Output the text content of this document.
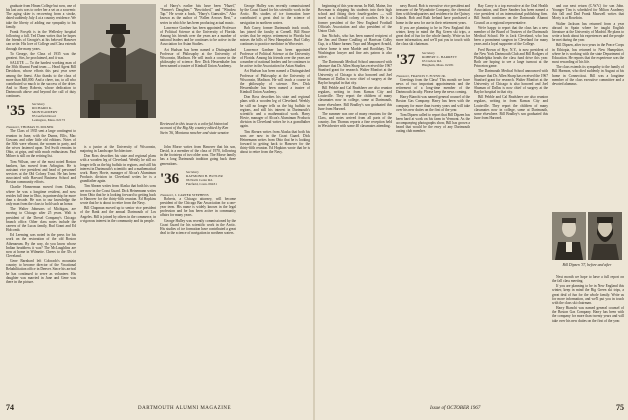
graduate from Hiram College but now, one of his last acts was to order her a set as a souvenir. The aging skier is recovering from a stroke, dated suddenly July 4 at a country residence. We take the liberty of adding our sympathy to his family.

Frank Forsyth is in the Wellesley hospital following a fall. Ted Dunn writes that he hopes the friends of Georgie's at his beloved Hanover can write. His love of College and Class extends through the many years.

To George, the Class of 1935 was the greatest. Sirs, he proclaimed, and it was.

SALUTE — To the hardest working man of the 30th Alumni Fund team — Head Agent Bill Davidson, whose efforts this past year were among the finest. Also thanks to the class of more than $40,000. And a cheer, too, to all who contributed so much to the success of the drive. And to Harry Roberts, whose dedication to Dartmouth above and beyond the call of duty continues.

'35 Secretary
RICHARD K. MONTGOMERY
85 Garfield Road
Lexington, Mass. 02173
Treasurer, THOMAS W. MILNER

The Class of 1935 sent a large contingent to reunion in June, with the Dunns, Ellis, Mac Gowans and other little old editions. Notes of the 30th were vibrant, the women in party, and the wives fastened upon. Ted Swift remains in Ohio, at grips, and with much enthusiasm. Paul Milner is still on the retiring list.

Tom Wilson, one of the most noted Boston bankers, has moved from Arlington. He is assistant vice president and head of personnel services at the Old Colony Trust. He has been associated with Harvard Business School and Boston community efforts.

Charlie Honnerman moved from Dublin, where he was a longtime resident, and now resides full time in Ohio, in partnership for more than a decade. He was to our knowledge the only man from the class to hold such an honor.

The Walter Johnsons of Michigan, are moving to Chicago after 25 years. Walt is president of the Drexel Company's Chicago branch office. Other class notes include the careers of the Lucas family, Bud Grant and Ed Holcomb.

Ed Leeming was noted in the press for his work on the restoration of the old Boston Athenaeum. By the way, do you know whose Indian headdress it was? The McLaughlins are now at home in Wilmette. Cheers to the 35s of Cleveland.

Gene Barnhard left Colorado's mountain country to become director of the Vocational Rehabilitation office in Denver. Since his arrival he has continued to serve as volunteer. His daughter was married in June and Gene was there in the picture.

Reviewed in this issue is a colorful historical account of the Big Sky country edited by Ken Stein '36, Montana rancher and state senator.

is a junior at the University of Wisconsin, majoring in Landscape Architecture.

Don Ross describes his state and regional plans with a wooden leg of Cleveland. Weekly he still no longer tells us the big buffalo in regions, and still his interest in Dartmouth's scientific and a mathematical work. Harry Hovie, manager of Alcoa's Aluminum Products division in Cleveland writes he is a grandfather again.

Tim Ahearn writes from Alaska that both his sons are now in the Coast Guard. Dick Heinemann writes from Ohio that he is looking forward to getting back to Hanover for the thirty-fifth reunion. Ed Hopkins wrote that he is about to retire from the Navy.

Bill Chapman moved up to senior vice president of the Bank and the annual Dartmouth of Los Angeles. Bill is joined by others in the commerce, in a vigorous interest in the community and its people.

of Harry's earlier hits have been "Hazel," "Farmer's Daughter," "Bewitched," and "Window Tap." He wrote a book, "Harry's Gunwales." Also known as the author of "Fallen Arrows Rest," a series in which he has been producing actual music.

Lawrence Gardner has been appointed Professor of Political Science at the University of Florida. Among his friends over the years are a number of national leaders and he continues to be active in the Association for Asian Studies.

Art Hudson has been named a Distinguished Professor of Philosophy at the University of Wisconsin, Madison. He will teach a course in the philosophy of science. Rev. Dick Hessenthaler has been named a trustee of Kimball Union Academy.

John Morse writes from Hanover that his son, David, is a member of the class of 1970, following in the footsteps of two older sons. The Morse family has a long Dartmouth tradition going back three generations.

'36 Secretary
RAYMOND B. BUTLER
96 North Cedar Rd.
Fairfield, Conn. 06431
Treasurer, J. CARTER STEPHENS

Roberts, a Chicago attorney, will become president of the Chicago Bar Association for a one-year term. His name is widely known in the legal profession and he has been active in community affairs for many years.

George Hulley was recently commissioned by the Coast Guard for his scientific work in the Arctic. His studies of ice formation have contributed a great deal to the science of navigation in northern waters.

George Hulley was recently commissioned by the Coast Guard for his scientific work in the Arctic. His studies of ice formation have contributed a great deal to the science of navigation in northern waters.

Bob Casey, former Dartmouth track coach, has joined the faculty at Cornell. Bill Bruce writes that he enjoys retirement in Florida but misses the hills of New Hampshire. Bud Colby continues to practice medicine in Worcester.

Lawrence Gardner has been appointed Professor of Political Science at the University of Florida. Among his friends over the years are a number of national leaders and he continues to be active in the Association for Asian Studies.

Art Hudson has been named a Distinguished Professor of Philosophy at the University of Wisconsin, Madison. He will teach a course in the philosophy of science. Rev. Dick Hessenthaler has been named a trustee of Kimball Union Academy.

Don Ross describes his state and regional plans with a wooden leg of Cleveland. Weekly he still no longer tells us the big buffalo in regions, and still his interest in Dartmouth's scientific and a mathematical work. Harry Hovie, manager of Alcoa's Aluminum Products division in Cleveland writes he is a grandfather again.

Tim Ahearn writes from Alaska that both his sons are now in the Coast Guard. Dick Heinemann writes from Ohio that he is looking forward to getting back to Hanover for the thirty-fifth reunion. Ed Hopkins wrote that he is about to retire from the Navy.

beginning of this year mean. In Hall, Maine, Jon Bowman is shipping his students into their high school and fitting their fourth-graders — will travel as a football colony of coaches. He is a former president of the New England Football Officials Association and also president of the Union Club.

Jim Nichols, who has been named recipient of the Jim and Deane Coulling of Harrison Colby Cup, is a Maine farmer, Tayo and Margaret Arnold, whose home is near Marble and Boothbay. The Washington lawyer and fine arts patron is also active.

The Dartmouth Medical School announced with pleasure that Dr. Allen Sharp has received the 1967 Stanford grant for research. Walter Monfort at the University of Chicago is also honored and Joel Shuman of Dallas is now chief of surgery at the Baylor hospital in that city.

Bill Pebble and Cal Bradsheer are also reunion regulars, writing in from Kansas City and Louisville. They report the children of many classmates now in college, some at Dartmouth, some elsewhere. Bill Bradley's son graduated this June from Harvard.

The summer was one of many reunions for the Class, and notes arrived from all parts of the country. Jim Thomas reports a fine reception held in Westchester with some 40 classmates attending.

navy Board. Bob is executive vice president and treasurer of the Wyandotte Company, the chemical firm with headquarters and residence in the Quincy Islands. Bob and Ruth Ireland have purchased a home in the area for use in their retirement years.

If you are planning to be in New England this winter, keep in mind the Big Green ski trips, a great deal of fun for the whole family. Write us for more information, and we'll put you in touch with the class ski chairman.

'37 Secretary
ROBERT C. BARRETT
63 Curlew Rd.
Hingham, Mass. 02181
Treasurer, FRANCIS T. FLYNN JR.

Greetings from the Class! This month we have news of two important appointments and the retirement of a long-time member of the Dartmouth faculty. Please keep the news coming.

Harry Bianchi was named general counsel of the Boston Gas Company. Harry has been with the company for more than twenty years and will take over his new duties on the first of the year.

Tom Dipzen called to report that Bill Dipzen has been hard at work on his farm in Vermont. As the accompanying photographs show, Bill has grown a beard that would be the envy of any Dartmouth outing club member.

Ray Carey is a top executive at the Oral Health Association, and Dave Sanders has been named a vice president of an international publishing firm. Bill Smith continues on the Dartmouth Alumni Council as a regional representative.

We're happy to report that the class has a new member of the Board of Trustees of the Dartmouth Medical School. He is Jack Cleveland, who has been a prominent surgeon in Cleveland for many years and a loyal supporter of the College.

Fred Brown of Rye, N.Y., is now president of the New York Dartmouth Club and Bill Rodgers of Philadelphia heads the class fund drive this year. Both are hoping to see a large turnout at the Princeton game.

The Dartmouth Medical School announced with pleasure that Dr. Allen Sharp has received the 1967 Stanford grant for research. Walter Monfort at the University of Chicago is also honored and Joel Shuman of Dallas is now chief of surgery at the Baylor hospital in that city.

Bill Pebble and Cal Bradsheer are also reunion regulars, writing in from Kansas City and Louisville. They report the children of many classmates now in college, some at Dartmouth, some elsewhere. Bill Bradley's son graduated this June from Harvard.

and our next return (C.W.V.) for son John. Younger Tim is scheduled for Milton Academy this fall and Dad Frank Maxwell writes that Morty is at Bowdoin.

Walter Jackson has returned from a year abroad in Spain where he taught English literature at the University of Madrid. He plans to write a book about his experiences and the people he met during the year.

Bill Dipzen, after two years in the Peace Corps in Ethiopia, has returned to New Hampshire, where he is working with the state Department of Education. He reports that the experience was the most rewarding of his life.

The class extends its sympathy to the family of Bill Harmon, who died suddenly in August at his home in Connecticut. Bill was a longtime member of the class executive committee and a devoted alumnus.

Bill Dipzen '37, before and after

Next month we hope to have a full report on the fall class meeting.

If you are planning to be in New England this winter, keep in mind the Big Green ski trips, a great deal of fun for the whole family. Write us for more information, and we'll put you in touch with the class ski chairman.

Harry Bianchi was named general counsel of the Boston Gas Company. Harry has been with the company for more than twenty years and will take over his new duties on the first of the year.

74	DARTMOUTH ALUMNI MAGAZINE	Issue of OCTOBER 1967	75
